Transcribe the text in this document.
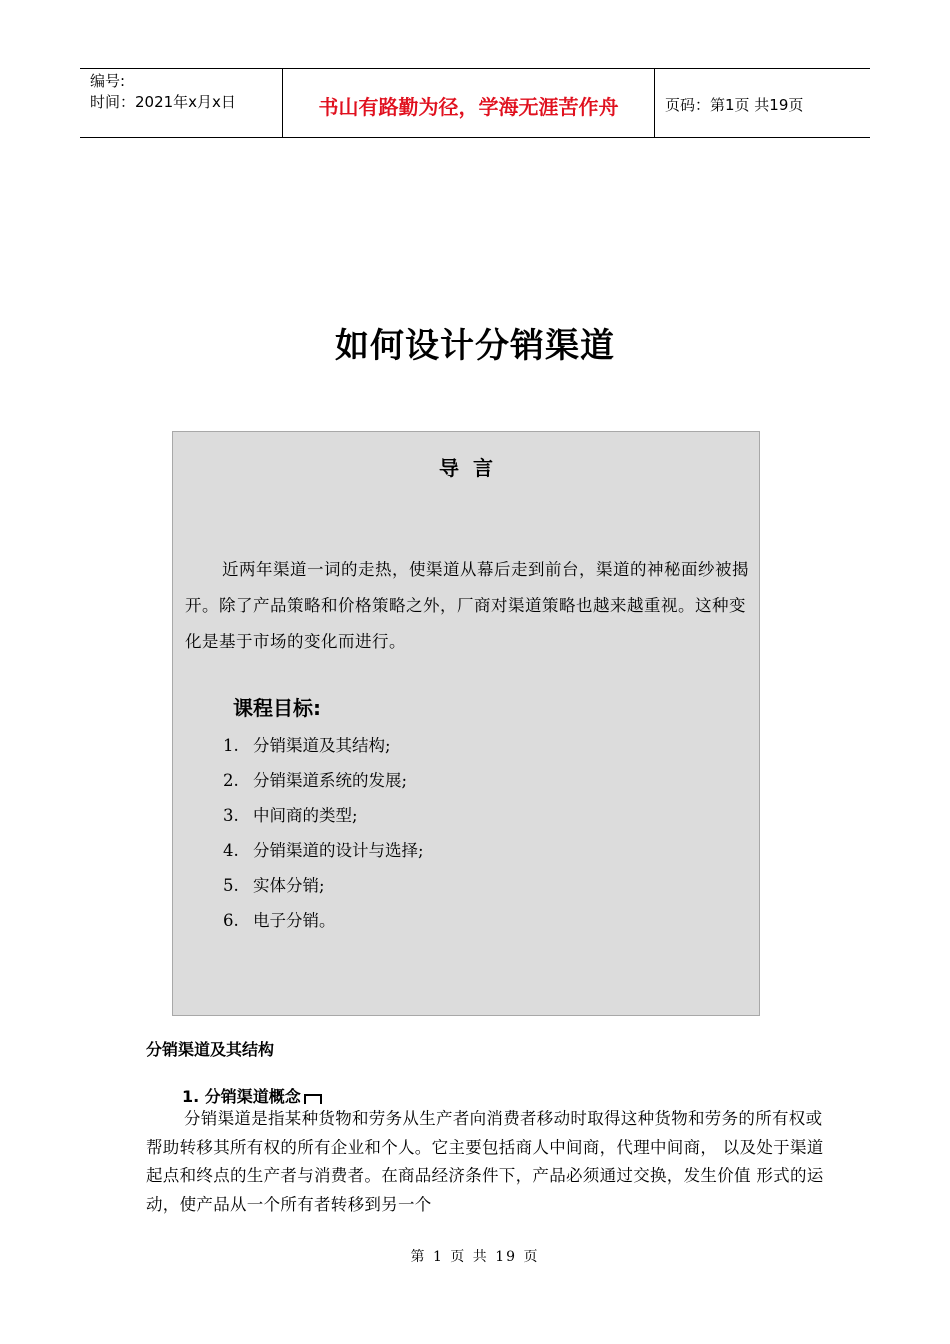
编号:
时间：2021年x月x日	书山有路勤为径，学海无涯苦作舟	页码：第1页 共19页
如何设计分销渠道
导言
近两年渠道一词的走热，使渠道从幕后走到前台，渠道的神秘面纱被揭开。除了产品策略和价格策略之外，厂商对渠道策略也越来越重视。这种变化是基于市场的变化而进行。
课程目标:
1. 分销渠道及其结构;
2. 分销渠道系统的发展;
3. 中间商的类型;
4. 分销渠道的设计与选择;
5. 实体分销;
6. 电子分销。
分销渠道及其结构
1. 分销渠道概念
分销渠道是指某种货物和劳务从生产者向消费者移动时取得这种货物和劳务的所有权或帮助转移其所有权的所有企业和个人。它主要包括商人中间商，代理中间商， 以及处于渠道起点和终点的生产者与消费者。在商品经济条件下，产品必须通过交换，发生价值 形式的运动，使产品从一个所有者转移到另一个
第 1 页 共 19 页
